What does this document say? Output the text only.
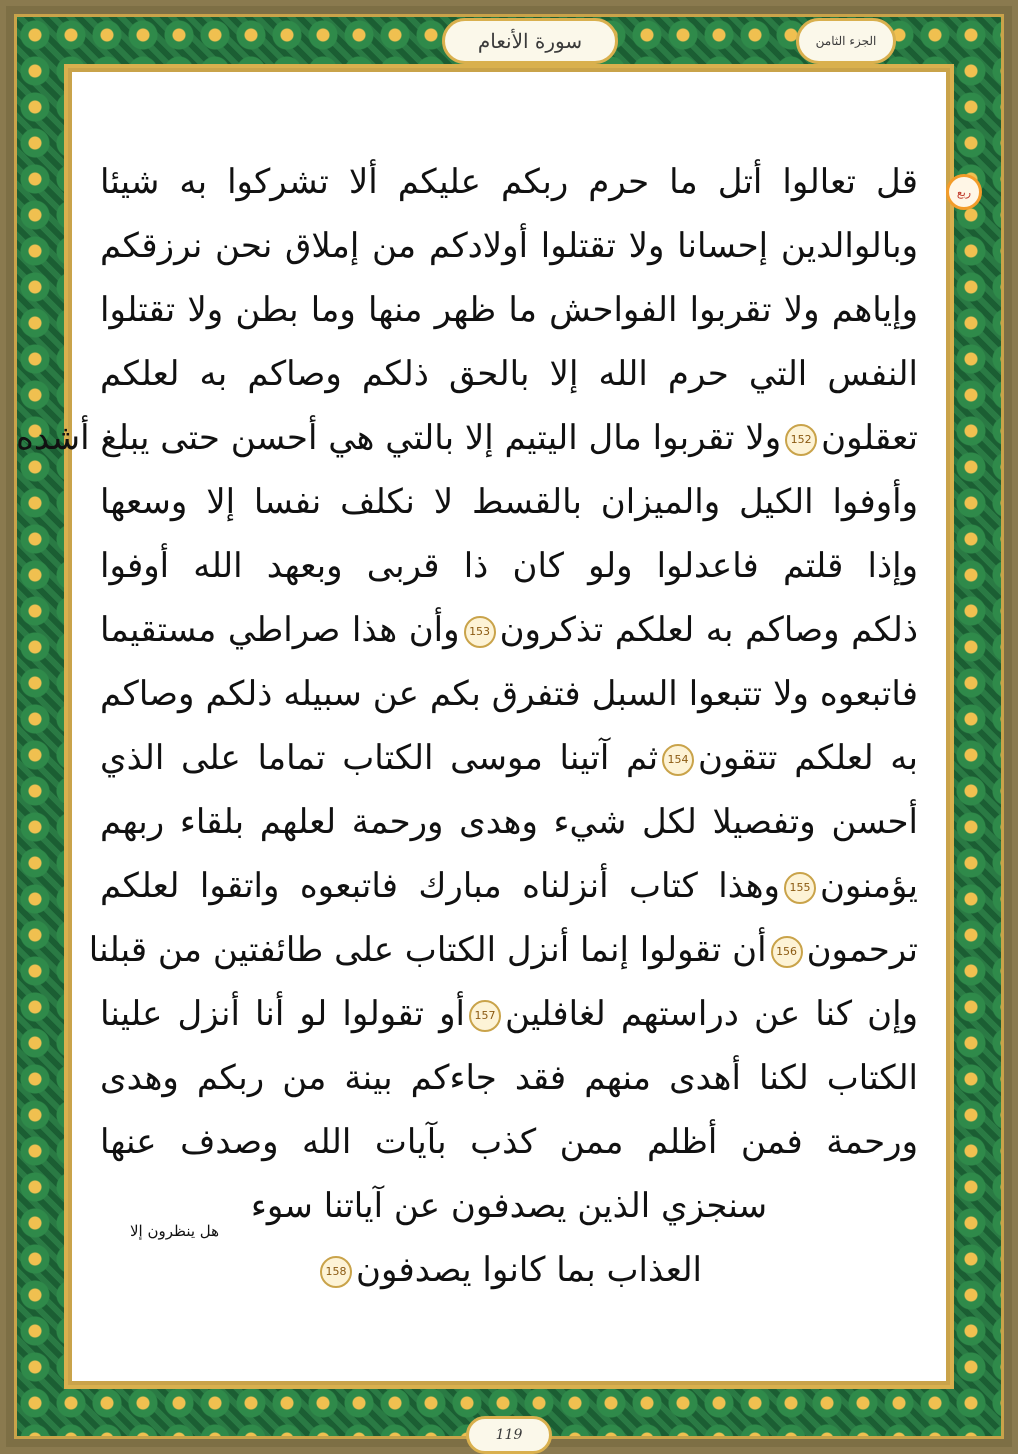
سورة الأنعام	الجزء الثامن
119
ربع
قل تعالوا أتل ما حرم ربكم عليكم ألا تشركوا به شيئا
وبالوالدين إحسانا ولا تقتلوا أولادكم من إملاق نحن نرزقكم
وإياهم ولا تقربوا الفواحش ما ظهر منها وما بطن ولا تقتلوا
النفس التي حرم الله إلا بالحق ذلكم وصاكم به لعلكم
تعقلون152ولا تقربوا مال اليتيم إلا بالتي هي أحسن حتى يبلغ أشده
وأوفوا الكيل والميزان بالقسط لا نكلف نفسا إلا وسعها
وإذا قلتم فاعدلوا ولو كان ذا قربى وبعهد الله أوفوا
ذلكم وصاكم به لعلكم تذكرون153وأن هذا صراطي مستقيما
فاتبعوه ولا تتبعوا السبل فتفرق بكم عن سبيله ذلكم وصاكم
به لعلكم تتقون154ثم آتينا موسى الكتاب تماما على الذي
أحسن وتفصيلا لكل شيء وهدى ورحمة لعلهم بلقاء ربهم
يؤمنون155وهذا كتاب أنزلناه مبارك فاتبعوه واتقوا لعلكم
ترحمون156أن تقولوا إنما أنزل الكتاب على طائفتين من قبلنا
وإن كنا عن دراستهم لغافلين157أو تقولوا لو أنا أنزل علينا
الكتاب لكنا أهدى منهم فقد جاءكم بينة من ربكم وهدى
ورحمة فمن أظلم ممن كذب بآيات الله وصدف عنها
سنجزي الذين يصدفون عن آياتنا سوء
العذاب بما كانوا يصدفون158
هل ينظرون إلا
